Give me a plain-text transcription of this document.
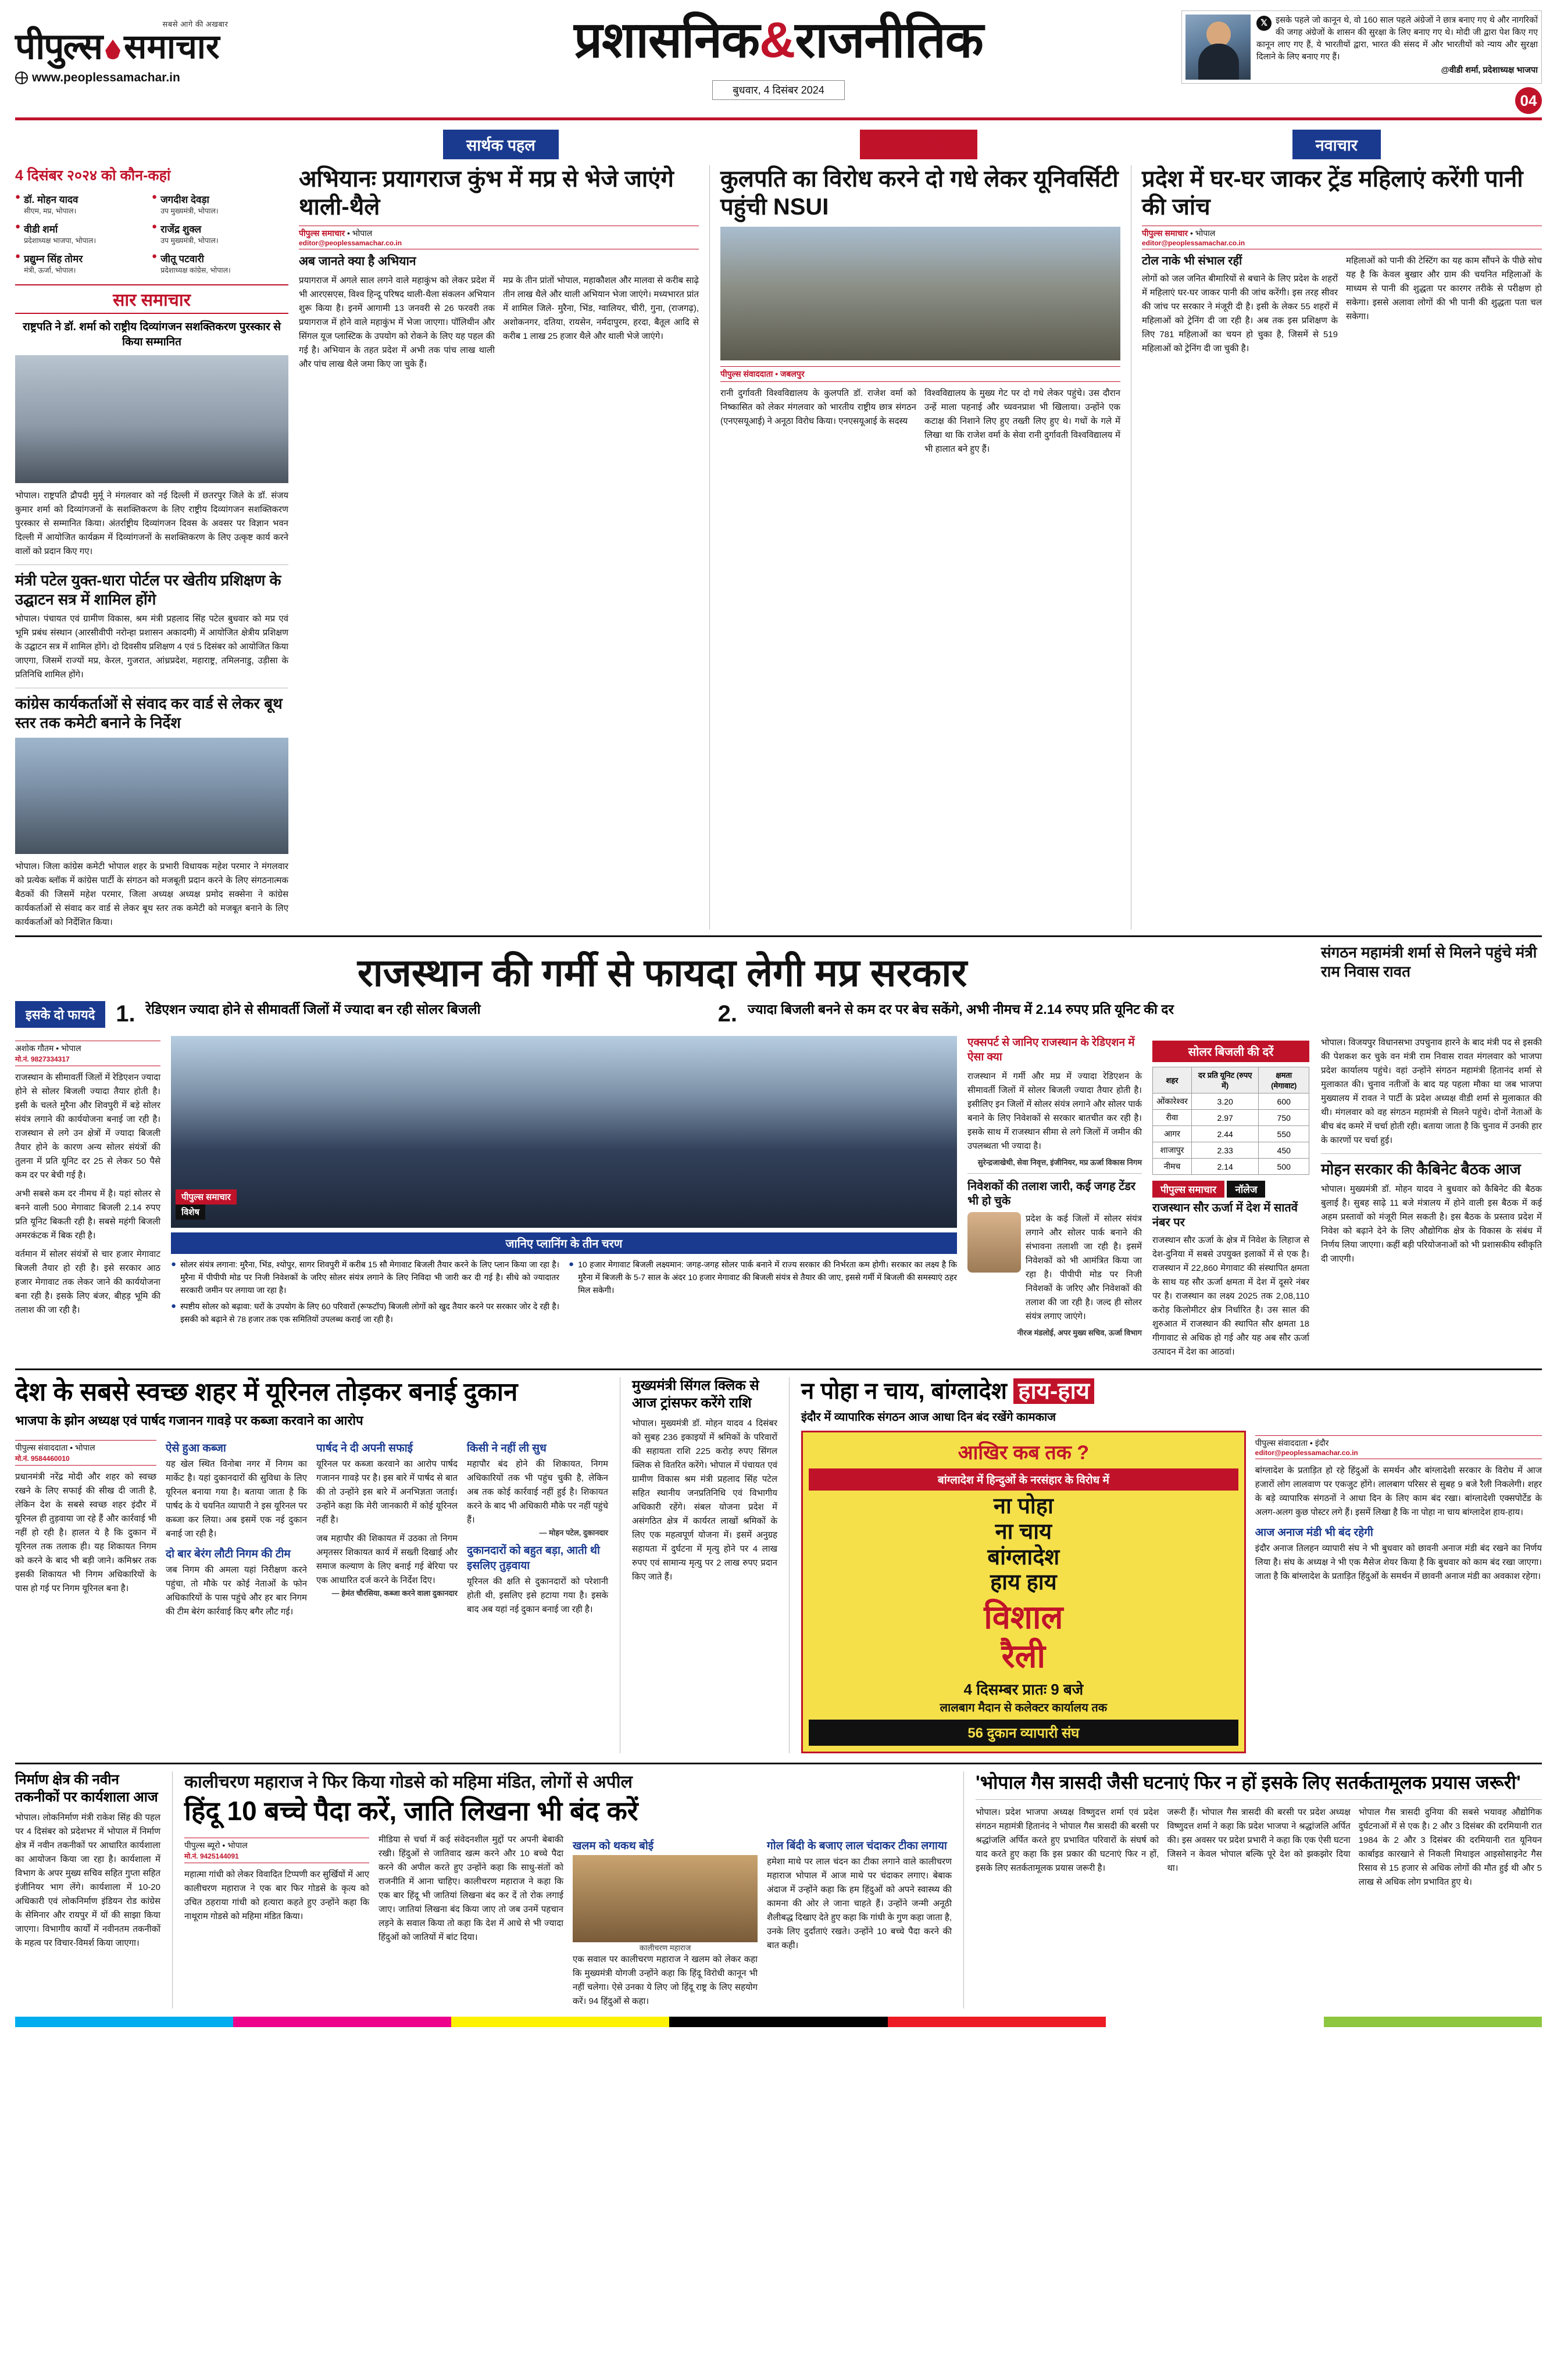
सबसे आगे की अखबार
पीपुल्स समाचार
www.peoplessamachar.in
प्रशासनिक&राजनीतिक
बुधवार, 4 दिसंबर 2024
𝕏 इसके पहले जो कानून थे, वो 160 साल पहले अंग्रेजों ने छात्र बनाए गए थे और नागरिकों की जगह अंग्रेजों के शासन की सुरक्षा के लिए बनाए गए थे। मोदी जी द्वारा पेश किए गए कानून लाए गए हैं, ये भारतीयों द्वारा, भारत की संसद में और भारतीयों को न्याय और सुरक्षा दिलाने के लिए बनाए गए हैं।
@वीडी शर्मा, प्रदेशाध्यक्ष भाजपा
04
सार्थक पहल	अनूठा विरोध	नवाचार
4 दिसंबर २०२४ को कौन-कहां
● डॉ. मोहन यादव
सीएम, मप्र, भोपाल।
● जगदीश देवड़ा
उप मुख्यमंत्री, भोपाल।
● वीडी शर्मा
प्रदेशाध्यक्ष भाजपा, भोपाल।
● राजेंद्र शुक्ल
उप मुख्यमंत्री, भोपाल।
● प्रद्युम्न सिंह तोमर
मंत्री, ऊर्जा, भोपाल।
● जीतू पटवारी
प्रदेशाध्यक्ष कांग्रेस, भोपाल।
सार समाचार
राष्ट्रपति ने डॉ. शर्मा को राष्ट्रीय दिव्यांगजन सशक्तिकरण पुरस्कार से किया सम्मानित
भोपाल। राष्ट्रपति द्रौपदी मुर्मू ने मंगलवार को नई दिल्ली में छतरपुर जिले के डॉ. संजय कुमार शर्मा को दिव्यांगजनों के सशक्तिकरण के लिए राष्ट्रीय दिव्यांगजन सशक्तिकरण पुरस्कार से सम्मानित किया। अंतर्राष्ट्रीय दिव्यांगजन दिवस के अवसर पर विज्ञान भवन दिल्ली में आयोजित कार्यक्रम में दिव्यांगजनों के सशक्तिकरण के लिए उत्कृष्ट कार्य करने वालों को प्रदान किए गए।
मंत्री पटेल युक्त-धारा पोर्टल पर खेतीय प्रशिक्षण के उद्घाटन सत्र में शामिल होंगे
भोपाल। पंचायत एवं ग्रामीण विकास, श्रम मंत्री प्रहलाद सिंह पटेल बुधवार को मप्र एवं भूमि प्रबंध संस्थान (आरसीवीपी नरोन्हा प्रशासन अकादमी) में आयोजित क्षेत्रीय प्रशिक्षण के उद्घाटन सत्र में शामिल होंगे। दो दिवसीय प्रशिक्षण 4 एवं 5 दिसंबर को आयोजित किया जाएगा, जिसमें राज्यों मप्र, केरल, गुजरात, आंध्रप्रदेश, महाराष्ट्र, तमिलनाडु, उड़ीसा के प्रतिनिधि शामिल होंगे।
कांग्रेस कार्यकर्ताओं से संवाद कर वार्ड से लेकर बूथ स्तर तक कमेटी बनाने के निर्देश
भोपाल। जिला कांग्रेस कमेटी भोपाल शहर के प्रभारी विधायक महेश परमार ने मंगलवार को प्रत्येक ब्लॉक में कांग्रेस पार्टी के संगठन को मजबूती प्रदान करने के लिए संगठनात्मक बैठकों की जिसमें महेश परमार, जिला अध्यक्ष अध्यक्ष प्रमोद सक्सेना ने कांग्रेस कार्यकर्ताओं से संवाद कर वार्ड से लेकर बूथ स्तर तक कमेटी को मजबूत बनाने के लिए कार्यकर्ताओं को निर्देशित किया।
अभियानः प्रयागराज कुंभ में मप्र से भेजे जाएंगे थाली-थैले
पीपुल्स समाचार • भोपाल
editor@peoplessamachar.co.in
अब जानते क्या है अभियान
प्रयागराज में अगले साल लगने वाले महाकुंभ को लेकर प्रदेश में भी आरएसएस, विश्व हिन्दू परिषद थाली-थैला संकलन अभियान शुरू किया है। इनमें आगामी 13 जनवरी से 26 फरवरी तक प्रयागराज में होने वाले महाकुंभ में भेजा जाएगा। पॉलिथीन और सिंगल यूज प्लास्टिक के उपयोग को रोकने के लिए यह पहल की गई है। अभियान के तहत प्रदेश में अभी तक पांच लाख थाली और पांच लाख थैले जमा किए जा चुके हैं।
मप्र के तीन प्रांतों भोपाल, महाकौशल और मालवा से करीब साढ़े तीन लाख थैले और थाली अभियान भेजा जाएंगे। मध्यभारत प्रांत में शामिल जिले- मुरैना, भिंड, ग्वालियर, चीरी, गुना, (राजगढ़), अशोकनगर, दतिया, रायसेन, नर्मदापुरम, हरदा, बैतूल आदि से करीब 1 लाख 25 हजार थैले और थाली भेजे जाएंगे।
कुलपति का विरोध करने दो गधे लेकर यूनिवर्सिटी पहुंची NSUI
पीपुल्स संवाददाता • जबलपुर
रानी दुर्गावती विश्वविद्यालय के कुलपति डॉ. राजेश वर्मा को निष्कासित को लेकर मंगलवार को भारतीय राष्ट्रीय छात्र संगठन (एनएसयूआई) ने अनूठा विरोध किया। एनएसयूआई के सदस्य
विश्वविद्यालय के मुख्य गेट पर दो गधे लेकर पहुंचे। उस दौरान उन्हें माला पहनाई और च्यवनप्राश भी खिलाया। उन्होंने एक कटाक्ष की निशाने लिए हुए तख्ती लिए हुए थे। गधों के गले में लिखा था कि राजेश वर्मा के सेवा रानी दुर्गावती विश्वविद्यालय में भी हालात बने हुए हैं।
प्रदेश में घर-घर जाकर ट्रेंड महिलाएं करेंगी पानी की जांच
पीपुल्स समाचार • भोपाल
editor@peoplessamachar.co.in
टोल नाके भी संभाल रहीं
लोगों को जल जनित बीमारियों से बचाने के लिए प्रदेश के शहरों में महिलाएं घर-घर जाकर पानी की जांच करेंगी। इस तरह सीवर की जांच पर सरकार ने मंजूरी दी है। इसी के लेकर 55 शहरों में महिलाओं को ट्रेनिंग दी जा रही है। अब तक इस प्रशिक्षण के लिए 781 महिलाओं का चयन हो चुका है, जिसमें से 519 महिलाओं को ट्रेनिंग दी जा चुकी है।
महिलाओं को पानी की टेस्टिंग का यह काम सौंपने के पीछे सोच यह है कि केवल बुखार और ग्राम की चयनित महिलाओं के माध्यम से पानी की शुद्धता पर कारगर तरीके से परीक्षण हो सकेगा। इससे अलावा लोगों की भी पानी की शुद्धता पता चल सकेगा।
राजस्थान की गर्मी से फायदा लेगी मप्र सरकार
इसके दो फायदे 1. रेडिएशन ज्यादा होने से सीमावर्ती जिलों में ज्यादा बन रही सोलर बिजली	2. ज्यादा बिजली बनने से कम दर पर बेच सकेंगे, अभी नीमच में 2.14 रुपए प्रति यूनिट की दर
संगठन महामंत्री शर्मा से मिलने पहुंचे मंत्री राम निवास रावत
अशोक गौतम • भोपाल
मो.नं. 9827334317
राजस्थान के सीमावर्ती जिलों में रेडिएशन ज्यादा होने से सोलर बिजली ज्यादा तैयार होती है। इसी के चलते मुरैना और शिवपुरी में बड़े सोलर संयंत्र लगाने की कार्ययोजना बनाई जा रही है। राजस्थान से लगे उन क्षेत्रों में ज्यादा बिजली तैयार होने के कारण अन्य सोलर संयंत्रों की तुलना में प्रति यूनिट दर 25 से लेकर 50 पैसे कम दर पर बेची गई है।
अभी सबसे कम दर नीमच में है। यहां सोलर से बनने वाली 500 मेगावाट बिजली 2.14 रुपए प्रति यूनिट बिकती रही है। सबसे महंगी बिजली अमरकंटक में बिक रही है।
वर्तमान में सोलर संयंत्रों से चार हजार मेगावाट बिजली तैयार हो रही है। इसे सरकार आठ हजार मेगावाट तक लेकर जाने की कार्ययोजना बना रही है। इसके लिए बंजर, बीहड़ भूमि की तलाश की जा रही है।
पीपुल्स समाचार
विशेष
जानिए प्लानिंग के तीन चरण
● सोलर संयंत्र लगाना: मुरैना, भिंड, श्योपुर, सागर शिवपुरी में करीब 15 सौ मेगावाट बिजली तैयार करने के लिए प्लान किया जा रहा है। मुरैना में पीपीपी मोड पर निजी निवेशकों के जरिए सोलर संयंत्र लगाने के लिए निविदा भी जारी कर दी गई है। सीधे को ज्यादातर सरकारी जमीन पर लगाया जा रहा है।
● स्पष्टीय सोलर को बढ़ावा: घरों के उपयोग के लिए 60 परिवारों (रूफटॉप) बिजली लोगों को खुद तैयार करने पर सरकार जोर दे रही है। इसकी को बढ़ाने से 78 हजार तक एक समितियों उपलब्ध कराई जा रही है।
● 10 हजार मेगावाट बिजली लक्ष्यमान: जगह-जगह सोलर पार्क बनाने में राज्य सरकार की निर्भरता कम होगी। सरकार का लक्ष्य है कि मुरैना में बिजली के 5-7 साल के अंदर 10 हजार मेगावाट की बिजली संयंत्र से तैयार की जाए, इससे गर्मी में बिजली की समस्याएं ठहर मिल सकेगी।
एक्सपर्ट से जानिए राजस्थान के रेडिएशन में ऐसा क्या
राजस्थान में गर्मी और मप्र में ज्यादा रेडिएशन के सीमावर्ती जिलों में सोलर बिजली ज्यादा तैयार होती है। इसीलिए इन जिलों में सोलर संयंत्र लगाने और सोलर पार्क बनाने के लिए निवेशकों से सरकार बातचीत कर रही है। इसके साथ में राजस्थान सीमा से लगे जिलों में जमीन की उपलब्धता भी ज्यादा है।
सुरेन्द्रजाखेथी, सेवा निवृत्त, इंजीनियर, मप्र ऊर्जा विकास निगम
निवेशकों की तलाश जारी, कई जगह टेंडर भी हो चुके
प्रदेश के कई जिलों में सोलर संयंत्र लगाने और सोलर पार्क बनाने की संभावना तलाशी जा रही है। इसमें निवेशकों को भी आमंत्रित किया जा रहा है। पीपीपी मोड पर निजी निवेशकों के जरिए और निवेशकों की तलाश की जा रही है। जल्द ही सोलर संयंत्र लगाए जाएंगे।
नीरज मंडलोई, अपर मुख्य सचिव, ऊर्जा विभाग
सोलर बिजली की दरें
शहर	दर प्रति यूनिट (रुपए में)	क्षमता (मेगावाट)
ओंकारेश्वर	3.20	600
रीवा	2.97	750
आगर	2.44	550
शाजापुर	2.33	450
नीमच	2.14	500
पीपुल्स समाचार नॉलेज
राजस्थान सौर ऊर्जा में देश में सातवें नंबर पर
राजस्थान सौर ऊर्जा के क्षेत्र में निवेश के लिहाज से देश-दुनिया में सबसे उपयुक्त इलाकों में से एक है। राजस्थान में 22,860 मेगावाट की संस्थापित क्षमता के साथ यह सौर ऊर्जा क्षमता में देश में दूसरे नंबर पर है। राजस्थान का लक्ष्य 2025 तक 2,08,110 करोड़ किलोमीटर क्षेत्र निर्धारित है। उस साल की शुरुआत में राजस्थान की स्थापित सौर क्षमता 18 गीगावाट से अधिक हो गई और यह अब सौर ऊर्जा उत्पादन में देश का आठवां।
भोपाल। विजयपुर विधानसभा उपचुनाव हारने के बाद मंत्री पद से इसकी की पेशकश कर चुके वन मंत्री राम निवास रावत मंगलवार को भाजपा प्रदेश कार्यालय पहुंचे। वहां उन्होंने संगठन महामंत्री हितानंद शर्मा से मुलाकात की। चुनाव नतीजों के बाद यह पहला मौका था जब भाजपा मुख्यालय में रावत ने पार्टी के प्रदेश अध्यक्ष वीडी शर्मा से मुलाकात की थी। मंगलवार को वह संगठन महामंत्री से मिलने पहुंचे। दोनों नेताओं के बीच बंद कमरे में चर्चा होती रही। बताया जाता है कि चुनाव में उनकी हार के कारणों पर चर्चा हुई।
मोहन सरकार की कैबिनेट बैठक आज
भोपाल। मुख्यमंत्री डॉ. मोहन यादव ने बुधवार को कैबिनेट की बैठक बुलाई है। सुबह साढ़े 11 बजे मंत्रालय में होने वाली इस बैठक में कई अहम प्रस्तावों को मंजूरी मिल सकती है। इस बैठक के प्रस्ताव प्रदेश में निवेश को बढ़ाने देने के लिए औद्योगिक क्षेत्र के विकास के संबंध में निर्णय लिया जाएगा। कहीं बड़ी परियोजनाओं को भी प्रशासकीय स्वीकृति दी जाएगी।
देश के सबसे स्वच्छ शहर में यूरिनल तोड़कर बनाई दुकान
भाजपा के झोन अध्यक्ष एवं पार्षद गजानन गावड़े पर कब्जा करवाने का आरोप
पीपुल्स संवाददाता • भोपाल
मो.नं. 9584460010
प्रधानमंत्री नरेंद्र मोदी और शहर को स्वच्छ रखने के लिए सफाई की सीख दी जाती है, लेकिन देश के सबसे स्वच्छ शहर इंदौर में यूरिनल ही तुड़वाया जा रहे हैं और कार्रवाई भी नहीं हो रही है। हालत ये है कि दुकान में यूरिनल तक तलाक ही। यह शिकायत निगम को करने के बाद भी बड़ी जाने। कमिश्नर तक इसकी शिकायत भी निगम अधिकारियों के पास हो गई पर निगम यूरिनल बना है।
ऐसे हुआ कब्जा
यह खेल स्थित विनोबा नगर में निगम का मार्केट है। यहां दुकानदारों की सुविधा के लिए यूरिनल बनाया गया है। बताया जाता है कि पार्षद के ये चयनित व्यापारी ने इस यूरिनल पर कब्जा कर लिया। अब इसमें एक नई दुकान बनाई जा रही है।
दो बार बेरंग लौटी निगम की टीम
जब निगम की अमला यहां निरीक्षण करने पहुंचा, तो मौके पर कोई नेताओं के फोन अधिकारियों के पास पहुंचे और हर बार निगम की टीम बेरंग कार्रवाई किए बगैर लौट गई।
पार्षद ने दी अपनी सफाई
यूरिनल पर कब्जा करवाने का आरोप पार्षद गजानन गावड़े पर है। इस बारे में पार्षद से बात की तो उन्होंने इस बारे में अनभिज्ञता जताई। उन्होंने कहा कि मेरी जानकारी में कोई यूरिनल नहीं है।
जब महापौर की शिकायत में उठका तो निगम अमृतसर शिकायत कार्य में सख्ती दिखाई और समाज कल्याण के लिए बनाई गई बेरिया पर एक आधारित दर्ज करने के निर्देश दिए।
— हेमंत चौरसिया, कब्जा करने वाला दुकानदार
किसी ने नहीं ली सुध
महापौर बंद होने की शिकायत, निगम अधिकारियों तक भी पहुंच चुकी है, लेकिन अब तक कोई कार्रवाई नहीं हुई है। शिकायत करने के बाद भी अधिकारी मौके पर नहीं पहुंचे हैं।
— मोहन पटेल, दुकानदार
दुकानदारों को बहुत बड़ा, आती थी इसलिए तुड़वाया
यूरिनल की क्षति से दुकानदारों को परेशानी होती थी, इसलिए इसे हटाया गया है। इसके बाद अब यहां नई दुकान बनाई जा रही है।
मुख्यमंत्री सिंगल क्लिक से आज ट्रांसफर करेंगे राशि
भोपाल। मुख्यमंत्री डॉ. मोहन यादव 4 दिसंबर को सुबह 236 इकाइयों में श्रमिकों के परिवारों की सहायता राशि 225 करोड़ रुपए सिंगल क्लिक से वितरित करेंगे। भोपाल में पंचायत एवं ग्रामीण विकास श्रम मंत्री प्रहलाद सिंह पटेल सहित स्थानीय जनप्रतिनिधि एवं विभागीय अधिकारी रहेंगे। संबल योजना प्रदेश में असंगठित क्षेत्र में कार्यरत लाखों श्रमिकों के लिए एक महत्वपूर्ण योजना में। इसमें अनुग्रह सहायता में दुर्घटना में मृत्यु होने पर 4 लाख रुपए एवं सामान्य मृत्यु पर 2 लाख रुपए प्रदान किए जाते हैं।
न पोहा न चाय, बांग्लादेश हाय-हाय
इंदौर में व्यापारिक संगठन आज आधा दिन बंद रखेंगे कामकाज
आखिर कब तक ?
बांग्लादेश में हिन्दुओं के नरसंहार के विरोध में
ना पोहा
ना चाय
बांग्लादेश
हाय हाय
विशाल
रैली
4 दिसम्बर प्रातः 9 बजे
लालबाग मैदान से कलेक्टर कार्यालय तक
56 दुकान व्यापारी संघ
पीपुल्स संवाददाता • इंदौर
editor@peoplessamachar.co.in
बांग्लादेश के प्रताड़ित हो रहे हिंदुओं के समर्थन और बांग्लादेशी सरकार के विरोध में आज हजारों लोग लालवाण पर एकजुट होंगे। लालबाग परिसर से सुबह 9 बजे रैली निकलेगी। शहर के बड़े व्यापारिक संगठनों ने आधा दिन के लिए काम बंद रखा। बांग्लादेशी एक्सपोर्टेड के अलग-अलग कुछ पोस्टर लगे हैं। इसमें लिखा है कि ना पोहा ना चाय बांग्लादेश हाय-हाय।
आज अनाज मंडी भी बंद रहेगी
इंदौर अनाज तिलहन व्यापारी संघ ने भी बुधवार को छावनी अनाज मंडी बंद रखने का निर्णय लिया है। संघ के अध्यक्ष ने भी एक मैसेज शेयर किया है कि बुधवार को काम बंद रखा जाएगा। जाता है कि बांग्लादेश के प्रताड़ित हिंदुओं के समर्थन में छावनी अनाज मंडी का अवकाश रहेगा।
निर्माण क्षेत्र की नवीन तकनीकों पर कार्यशाला आज
भोपाल। लोकनिर्माण मंत्री राकेश सिंह की पहल पर 4 दिसंबर को प्रदेशभर में भोपाल में निर्माण क्षेत्र में नवीन तकनीकों पर आधारित कार्यशाला का आयोजन किया जा रहा है। कार्यशाला में विभाग के अपर मुख्य सचिव सहित गुप्ता सहित इंजीनियर भाग लेंगे। कार्यशाला में 10-20 अधिकारी एवं लोकनिर्माण इंडियन रोड कांग्रेस के सेमिनार और रायपुर में यों की साझा किया जाएगा। विभागीय कार्यों में नवीनतम तकनीकों के महत्व पर विचार-विमर्श किया जाएगा।
कालीचरण महाराज ने फिर किया गोडसे को महिमा मंडित, लोगों से अपील
हिंदू 10 बच्चे पैदा करें, जाति लिखना भी बंद करें
पीपुल्स ब्यूरो • भोपाल
मो.नं. 9425144091
महात्मा गांधी को लेकर विवादित टिप्पणी कर सुर्खियों में आए कालीचरण महाराज ने एक बार फिर गोडसे के कृत्य को उचित ठहराया गांधी को हत्यारा कहते हुए उन्होंने कहा कि नाथूराम गोडसे को महिमा मंडित किया।
मीडिया से चर्चा में कई संवेदनशील मुद्दों पर अपनी बेबाकी रखी। हिंदुओं से जातिवाद खत्म करने और 10 बच्चे पैदा करने की अपील करते हुए उन्होंने कहा कि साधु-संतों को राजनीति में आना चाहिए। कालीचरण महाराज ने कहा कि एक बार हिंदू भी जातियां लिखना बंद कर दें तो रोक लगाई जाए। जातियां लिखना बंद किया जाए तो जब उनमें पहचान लड़ने के सवाल किया तो कहा कि देश में आधे से भी ज्यादा हिंदुओं को जातियों में बांट दिया।
खलम को थकथ बोई
कालीचरण महाराज
एक सवाल पर कालीचरण महाराज ने खलम को लेकर कहा कि मुख्यमंत्री योगजी उन्होंने कहा कि हिंदू विरोधी कानून भी नहीं चलेगा। ऐसे उनका ये लिए जो हिंदू राष्ट्र के लिए सहयोग करें। 94 हिंदुओं से कहा।
गोल बिंदी के बजाए लाल चंदाकर टीका लगाया
हमेशा माथे पर लाल चंदन का टीका लगाने वाले कालीचरण महाराज भोपाल में आज माथे पर चंदाकर लगाए। बेबाक अंदाज में उन्होंने कहा कि हम हिंदुओं को अपने स्वास्थ्य की कामना की ओर ले जाना चाहते हैं। उन्होंने जन्मी अनूठी शैलीबद्ध दिखाए देते हुए कहा कि गांधी के गुण कहा जाता है, उनके लिए दुर्दांताएं रखते। उन्होंने 10 बच्चे पैदा करने की बात कही।
'भोपाल गैस त्रासदी जैसी घटनाएं फिर न हों इसके लिए सतर्कतामूलक प्रयास जरूरी'
भोपाल। प्रदेश भाजपा अध्यक्ष विष्णुदत्त शर्मा एवं प्रदेश संगठन महामंत्री हितानंद ने भोपाल गैस त्रासदी की बरसी पर श्रद्धांजलि अर्पित करते हुए प्रभावित परिवारों के संघर्ष को याद करते हुए कहा कि इस प्रकार की घटनाएं फिर न हों, इसके लिए सतर्कतामूलक प्रयास जरूरी है।
जरूरी हैं। भोपाल गैस त्रासदी की बरसी पर प्रदेश अध्यक्ष विष्णुदत्त शर्मा ने कहा कि प्रदेश भाजपा ने श्रद्धांजलि अर्पित की। इस अवसर पर प्रदेश प्रभारी ने कहा कि एक ऐसी घटना जिसने न केवल भोपाल बल्कि पूरे देश को झकझोर दिया था।
भोपाल गैस त्रासदी दुनिया की सबसे भयावह औद्योगिक दुर्घटनाओं में से एक है। 2 और 3 दिसंबर की दरमियानी रात 1984 के 2 और 3 दिसंबर की दरमियानी रात यूनियन कार्बाइड कारखाने से निकली मिथाइल आइसोसाइनेट गैस रिसाव से 15 हजार से अधिक लोगों की मौत हुई थी और 5 लाख से अधिक लोग प्रभावित हुए थे।
